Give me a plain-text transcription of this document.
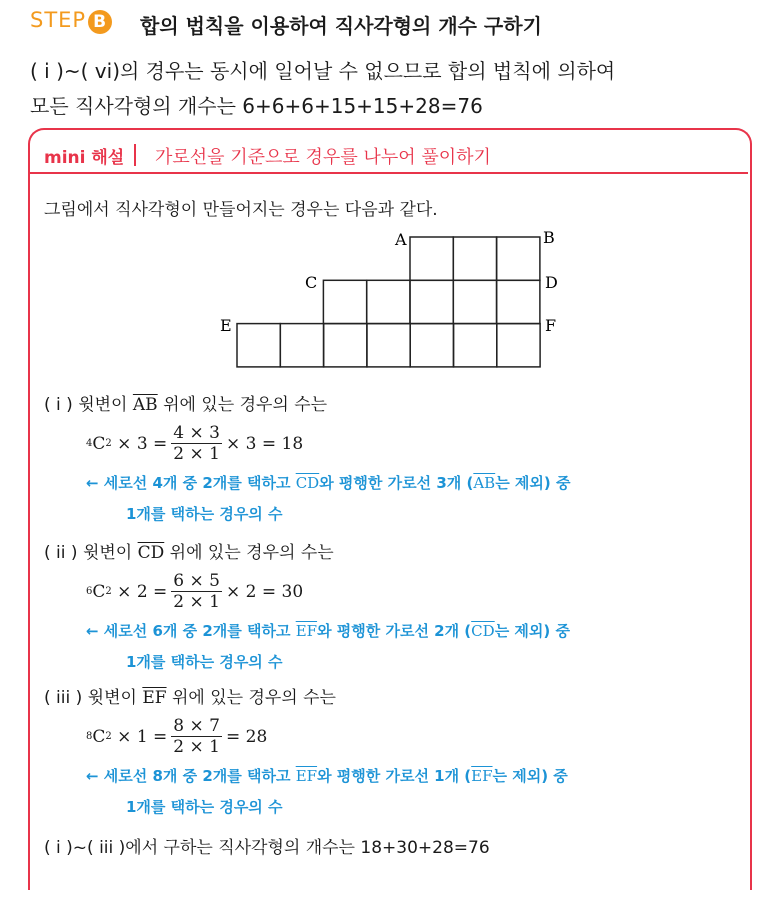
STEP B 합의 법칙을 이용하여 직사각형의 개수 구하기
( i )~( vi)의 경우는 동시에 일어날 수 없으므로 합의 법칙에 의하여
모든 직사각형의 개수는 6+6+6+15+15+28=76
mini 해설 가로선을 기준으로 경우를 나누어 풀이하기
그림에서 직사각형이 만들어지는 경우는 다음과 같다.
A	B
C	D
E	F
( i ) 윗변이 $\overline{AB}$ 위에 있는 경우의 수는
4 C 2
× $3 = \frac{4 \times 3}{2 \times 1} \times 3 = 18$
← 세로선 4개 중 2개를 택하고 $\overline{CD}$와 평행한 가로선 3개 ($\overline{AB}$는 제외) 중
1개를 택하는 경우의 수
( ii ) 윗변이 $\overline{CD}$ 위에 있는 경우의 수는
6 C 2
× $2 = \frac{6 \times 5}{2 \times 1} \times 2 = 30$
← 세로선 6개 중 2개를 택하고 $\overline{EF}$와 평행한 가로선 2개 ($\overline{CD}$는 제외) 중
1개를 택하는 경우의 수
( iii ) 윗변이 $\overline{EF}$ 위에 있는 경우의 수는
8 C 2
× $1 = \frac{8 \times 7}{2 \times 1} = 28$
← 세로선 8개 중 2개를 택하고 $\overline{EF}$와 평행한 가로선 1개 ($\overline{EF}$는 제외) 중
1개를 택하는 경우의 수
( i )~( iii )에서 구하는 직사각형의 개수는 18+30+28=76
